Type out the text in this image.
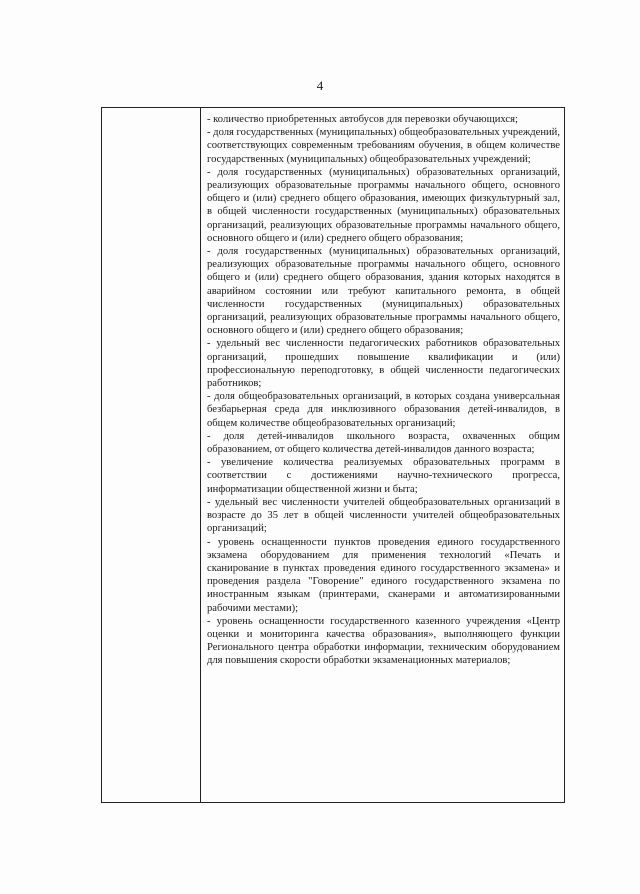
4

- количество приобретенных автобусов для перевозки обучающихся;

- доля государственных (муниципальных) общеобразовательных учреждений, соответствующих современным требованиям обучения, в общем количестве государственных (муниципальных) общеобразовательных учреждений;

- доля государственных (муниципальных) образовательных организаций, реализующих образовательные программы начального общего, основного общего и (или) среднего общего образования, имеющих физкультурный зал, в общей численности государственных (муниципальных) образовательных организаций, реализующих образовательные программы начального общего, основного общего и (или) среднего общего образования;

- доля государственных (муниципальных) образовательных организаций, реализующих образовательные программы начального общего, основного общего и (или) среднего общего образования, здания которых находятся в аварийном состоянии или требуют капитального ремонта, в общей численности государственных (муниципальных) образовательных организаций, реализующих образовательные программы начального общего, основного общего и (или) среднего общего образования;

- удельный вес численности педагогических работников образовательных организаций, прошедших повышение квалификации и (или) профессиональную переподготовку, в общей численности педагогических работников;

- доля общеобразовательных организаций, в которых создана универсальная безбарьерная среда для инклюзивного образования детей-инвалидов, в общем количестве общеобразовательных организаций;

- доля детей-инвалидов школьного возраста, охваченных общим образованием, от общего количества детей-инвалидов данного возраста;

- увеличение количества реализуемых образовательных программ в соответствии с достижениями научно-технического прогресса, информатизации общественной жизни и быта;

- удельный вес численности учителей общеобразовательных организаций в возрасте до 35 лет в общей численности учителей общеобразовательных организаций;

- уровень оснащенности пунктов проведения единого государственного экзамена оборудованием для применения технологий «Печать и сканирование в пунктах проведения единого государственного экзамена» и проведения раздела "Говорение" единого государственного экзамена по иностранным языкам (принтерами, сканерами и автоматизированными рабочими местами);

- уровень оснащенности государственного казенного учреждения «Центр оценки и мониторинга качества образования», выполняющего функции Регионального центра обработки информации, техническим оборудованием для повышения скорости обработки экзаменационных материалов;
